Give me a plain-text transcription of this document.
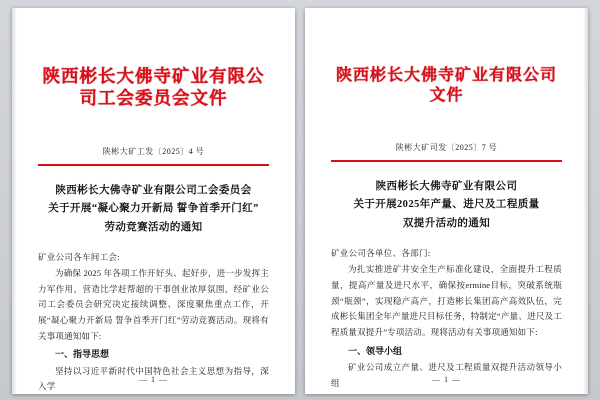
陕西彬长大佛寺矿业有限公司工会委员会文件
陕彬大矿工发〔2025〕4 号
陕西彬长大佛寺矿业有限公司工会委员会
关于开展“凝心聚力开新局 誓争首季开门红”
劳动竞赛活动的通知
矿业公司各车间工会:

为确保 2025 年各项工作开好头、起好步，进一步发挥主力军作用，营造比学赶帮超的干事创业浓厚氛围，经矿业公司工会委员会研究决定接续调整、深度聚焦重点工作，开展“凝心聚力开新局 誓争首季开门红”劳动竞赛活动。现将有关事项通知如下:

一、指导思想

坚持以习近平新时代中国特色社会主义思想为指导，深入学

— 1 —
陕西彬长大佛寺矿业有限公司文件
陕彬大矿司发〔2025〕7 号
陕西彬长大佛寺矿业有限公司
关于开展2025年产量、进尺及工程质量
双提升活动的通知
矿业公司各单位、各部门:

为扎实推进矿井安全生产标准化建设，全面提升工程质量，提高产量及进尺水平，确保按ermine目标，突破系统瓶颈“瓶颈”，实现稳产高产，打造彬长集团高产高效队伍，完成彬长集团全年产量进尺目标任务，特制定“产量、进尺及工程质量双提升”专项活动。现将活动有关事项通知如下:

一、领导小组

矿业公司成立产量、进尺及工程质量双提升活动领导小组	— 1 —
